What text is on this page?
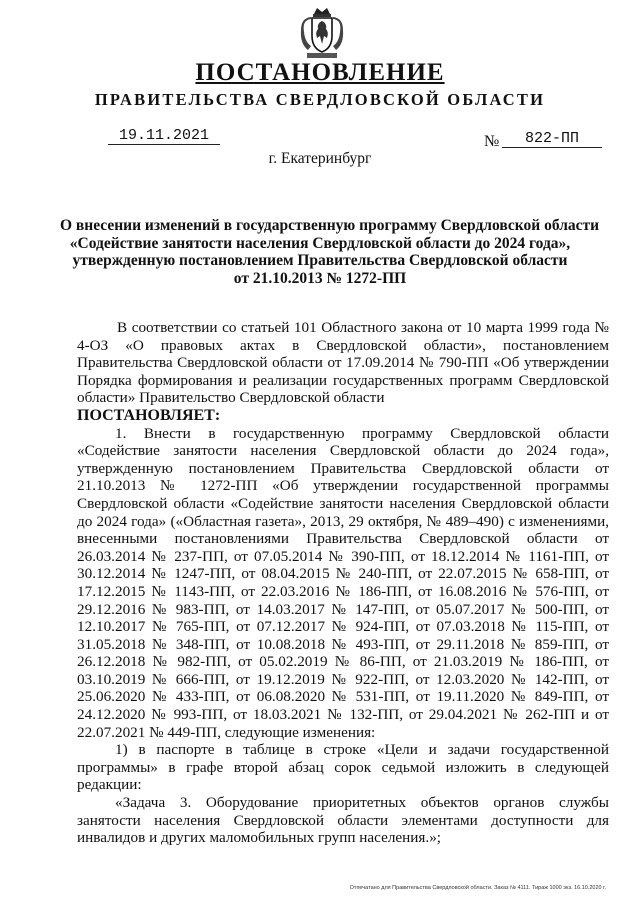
ПОСТАНОВЛЕНИЕ
ПРАВИТЕЛЬСТВА СВЕРДЛОВСКОЙ ОБЛАСТИ
19.11.2021	№	822-ПП
г. Екатеринбург
О внесении изменений в государственную программу Свердловской области
«Содействие занятости населения Свердловской области до 2024 года»,
утвержденную постановлением Правительства Свердловской области
от 21.10.2013 № 1272-ПП

В соответствии со статьей 101 Областного закона от 10 марта 1999 года № 4-ОЗ «О правовых актах в Свердловской области», постановлением Правительства Свердловской области от 17.09.2014 № 790-ПП «Об утверждении Порядка формирования и реализации государственных программ Свердловской области» Правительство Свердловской области

ПОСТАНОВЛЯЕТ:

1. Внести в государственную программу Свердловской области «Содействие занятости населения Свердловской области до 2024 года», утвержденную постановлением Правительства Свердловской области от 21.10.2013 № 1272-ПП «Об утверждении государственной программы Свердловской области «Содействие занятости населения Свердловской области до 2024 года» («Областная газета», 2013, 29 октября, № 489–490) с изменениями, внесенными постановлениями Правительства Свердловской области от 26.03.2014 № 237-ПП, от 07.05.2014 № 390-ПП, от 18.12.2014 № 1161-ПП, от 30.12.2014 № 1247-ПП, от 08.04.2015 № 240-ПП, от 22.07.2015 № 658-ПП, от 17.12.2015 № 1143-ПП, от 22.03.2016 № 186-ПП, от 16.08.2016 № 576-ПП, от 29.12.2016 № 983-ПП, от 14.03.2017 № 147-ПП, от 05.07.2017 № 500-ПП, от 12.10.2017 № 765-ПП, от 07.12.2017 № 924-ПП, от 07.03.2018 № 115-ПП, от 31.05.2018 № 348-ПП, от 10.08.2018 № 493-ПП, от 29.11.2018 № 859-ПП, от 26.12.2018 № 982-ПП, от 05.02.2019 № 86-ПП, от 21.03.2019 № 186-ПП, от 03.10.2019 № 666-ПП, от 19.12.2019 № 922-ПП, от 12.03.2020 № 142-ПП, от 25.06.2020 № 433-ПП, от 06.08.2020 № 531-ПП, от 19.11.2020 № 849-ПП, от 24.12.2020 № 993-ПП, от 18.03.2021 № 132-ПП, от 29.04.2021 № 262-ПП и от 22.07.2021 № 449-ПП, следующие изменения:

1) в паспорте в таблице в строке «Цели и задачи государственной программы» в графе второй абзац сорок седьмой изложить в следующей редакции:

«Задача 3. Оборудование приоритетных объектов органов службы занятости населения Свердловской области элементами доступности для инвалидов и других маломобильных групп населения.»;

Отпечатано для Правительства Свердловской области. Заказ № 4111. Тираж 1000 экз. 16.10.2020 г.
